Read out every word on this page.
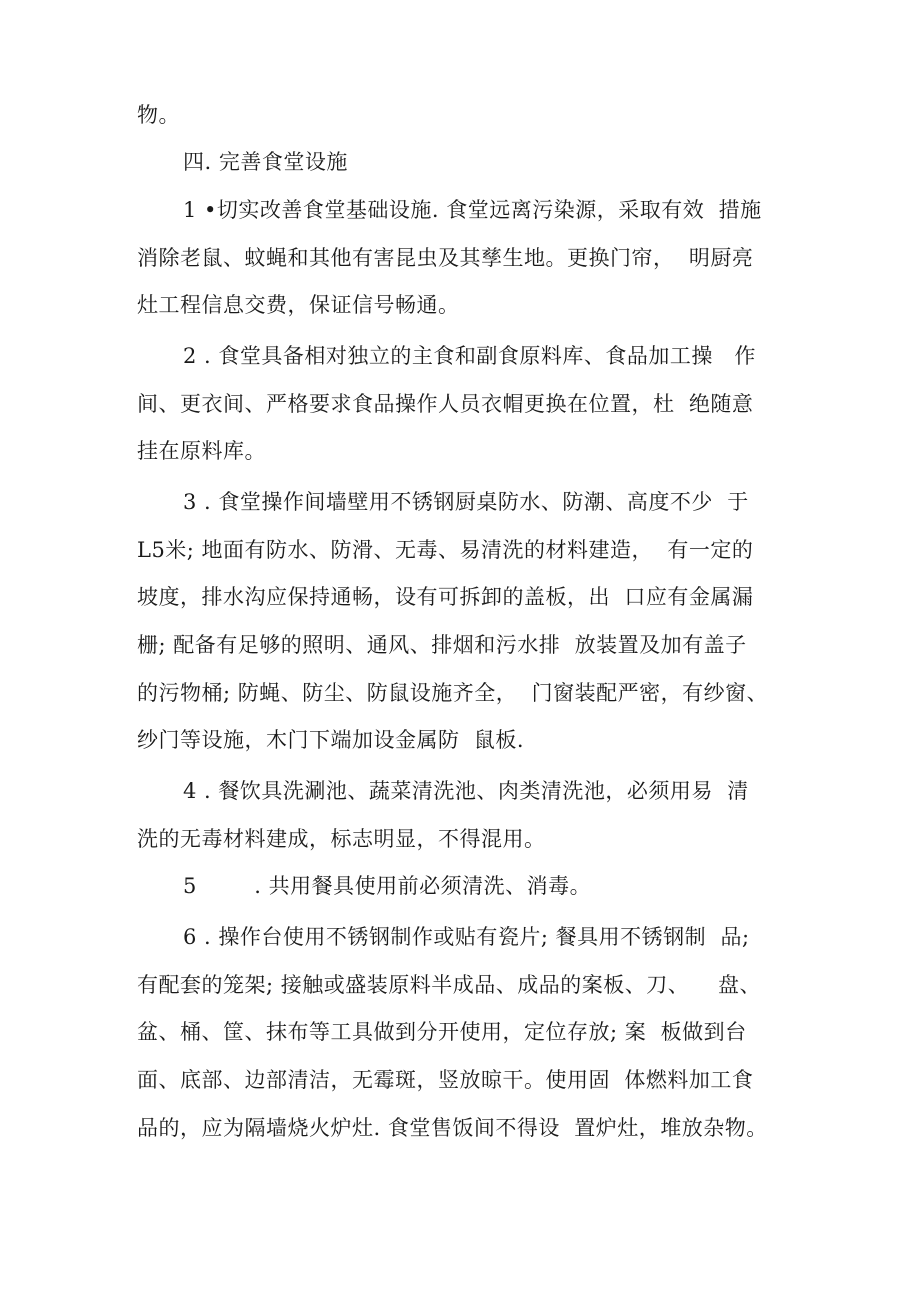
物。
四. 完善食堂设施
1 •切实改善食堂基础设施. 食堂远离污染源，采取有效  措施
消除老鼠、蚊蝇和其他有害昆虫及其孳生地。更换门帘，  明厨亮
灶工程信息交费，保证信号畅通。
2 . 食堂具备相对独立的主食和副食原料库、食品加工操   作
间、更衣间、严格要求食品操作人员衣帽更换在位置，杜  绝随意
挂在原料库。
3 . 食堂操作间墙壁用不锈钢厨桌防水、防潮、高度不少  于
L5米; 地面有防水、防滑、无毒、易清洗的材料建造，  有一定的
坡度，排水沟应保持通畅，设有可拆卸的盖板，出  口应有金属漏
栅; 配备有足够的照明、通风、排烟和污水排  放装置及加有盖子
的污物桶; 防蝇、防尘、防鼠设施齐全，  门窗装配严密，有纱窗、
纱门等设施，木门下端加设金属防  鼠板.
4 . 餐饮具洗涮池、蔬菜清洗池、肉类清洗池，必须用易  清
洗的无毒材料建成，标志明显，不得混用。
5        . 共用餐具使用前必须清洗、消毒。
6 . 操作台使用不锈钢制作或贴有瓷片; 餐具用不锈钢制  品;
有配套的笼架; 接触或盛装原料半成品、成品的案板、刀、    盘、
盆、桶、筐、抹布等工具做到分开使用，定位存放; 案  板做到台
面、底部、边部清洁，无霉斑，竖放晾干。使用固  体燃料加工食
品的，应为隔墙烧火炉灶. 食堂售饭间不得设  置炉灶，堆放杂物。
